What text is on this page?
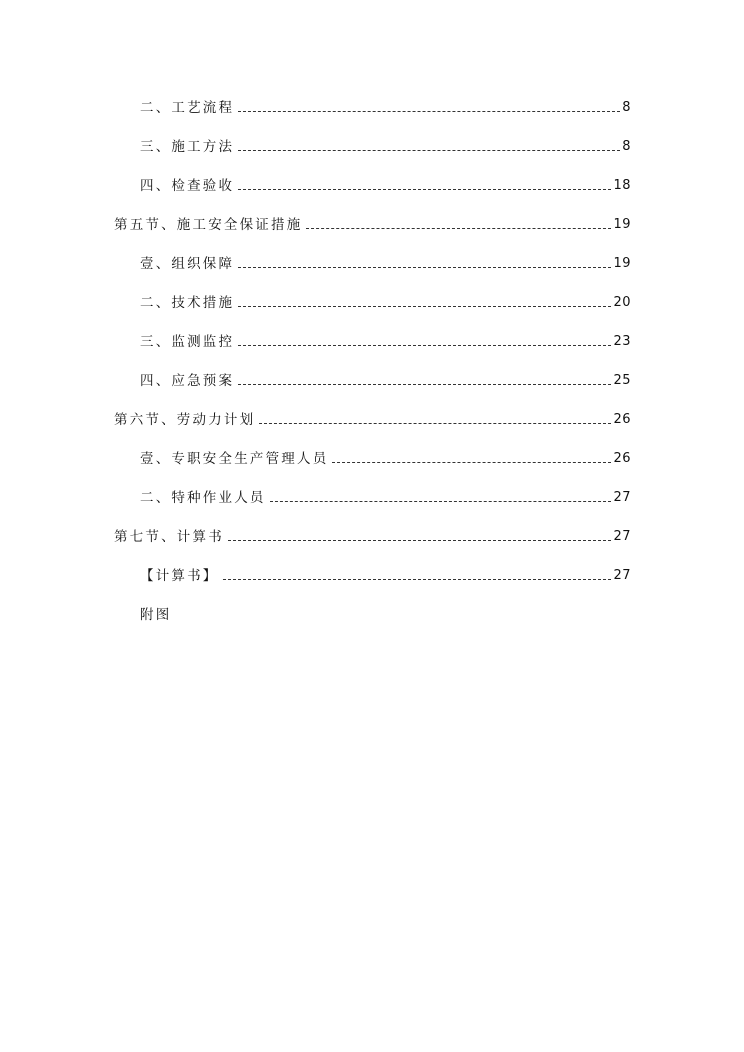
二、工艺流程	8
三、施工方法	8
四、检查验收	18
第五节、施工安全保证措施	19
壹、组织保障	19
二、技术措施	20
三、监测监控	23
四、应急预案	25
第六节、劳动力计划	26
壹、专职安全生产管理人员	26
二、特种作业人员	27
第七节、计算书	27
【计算书】	27
附图
